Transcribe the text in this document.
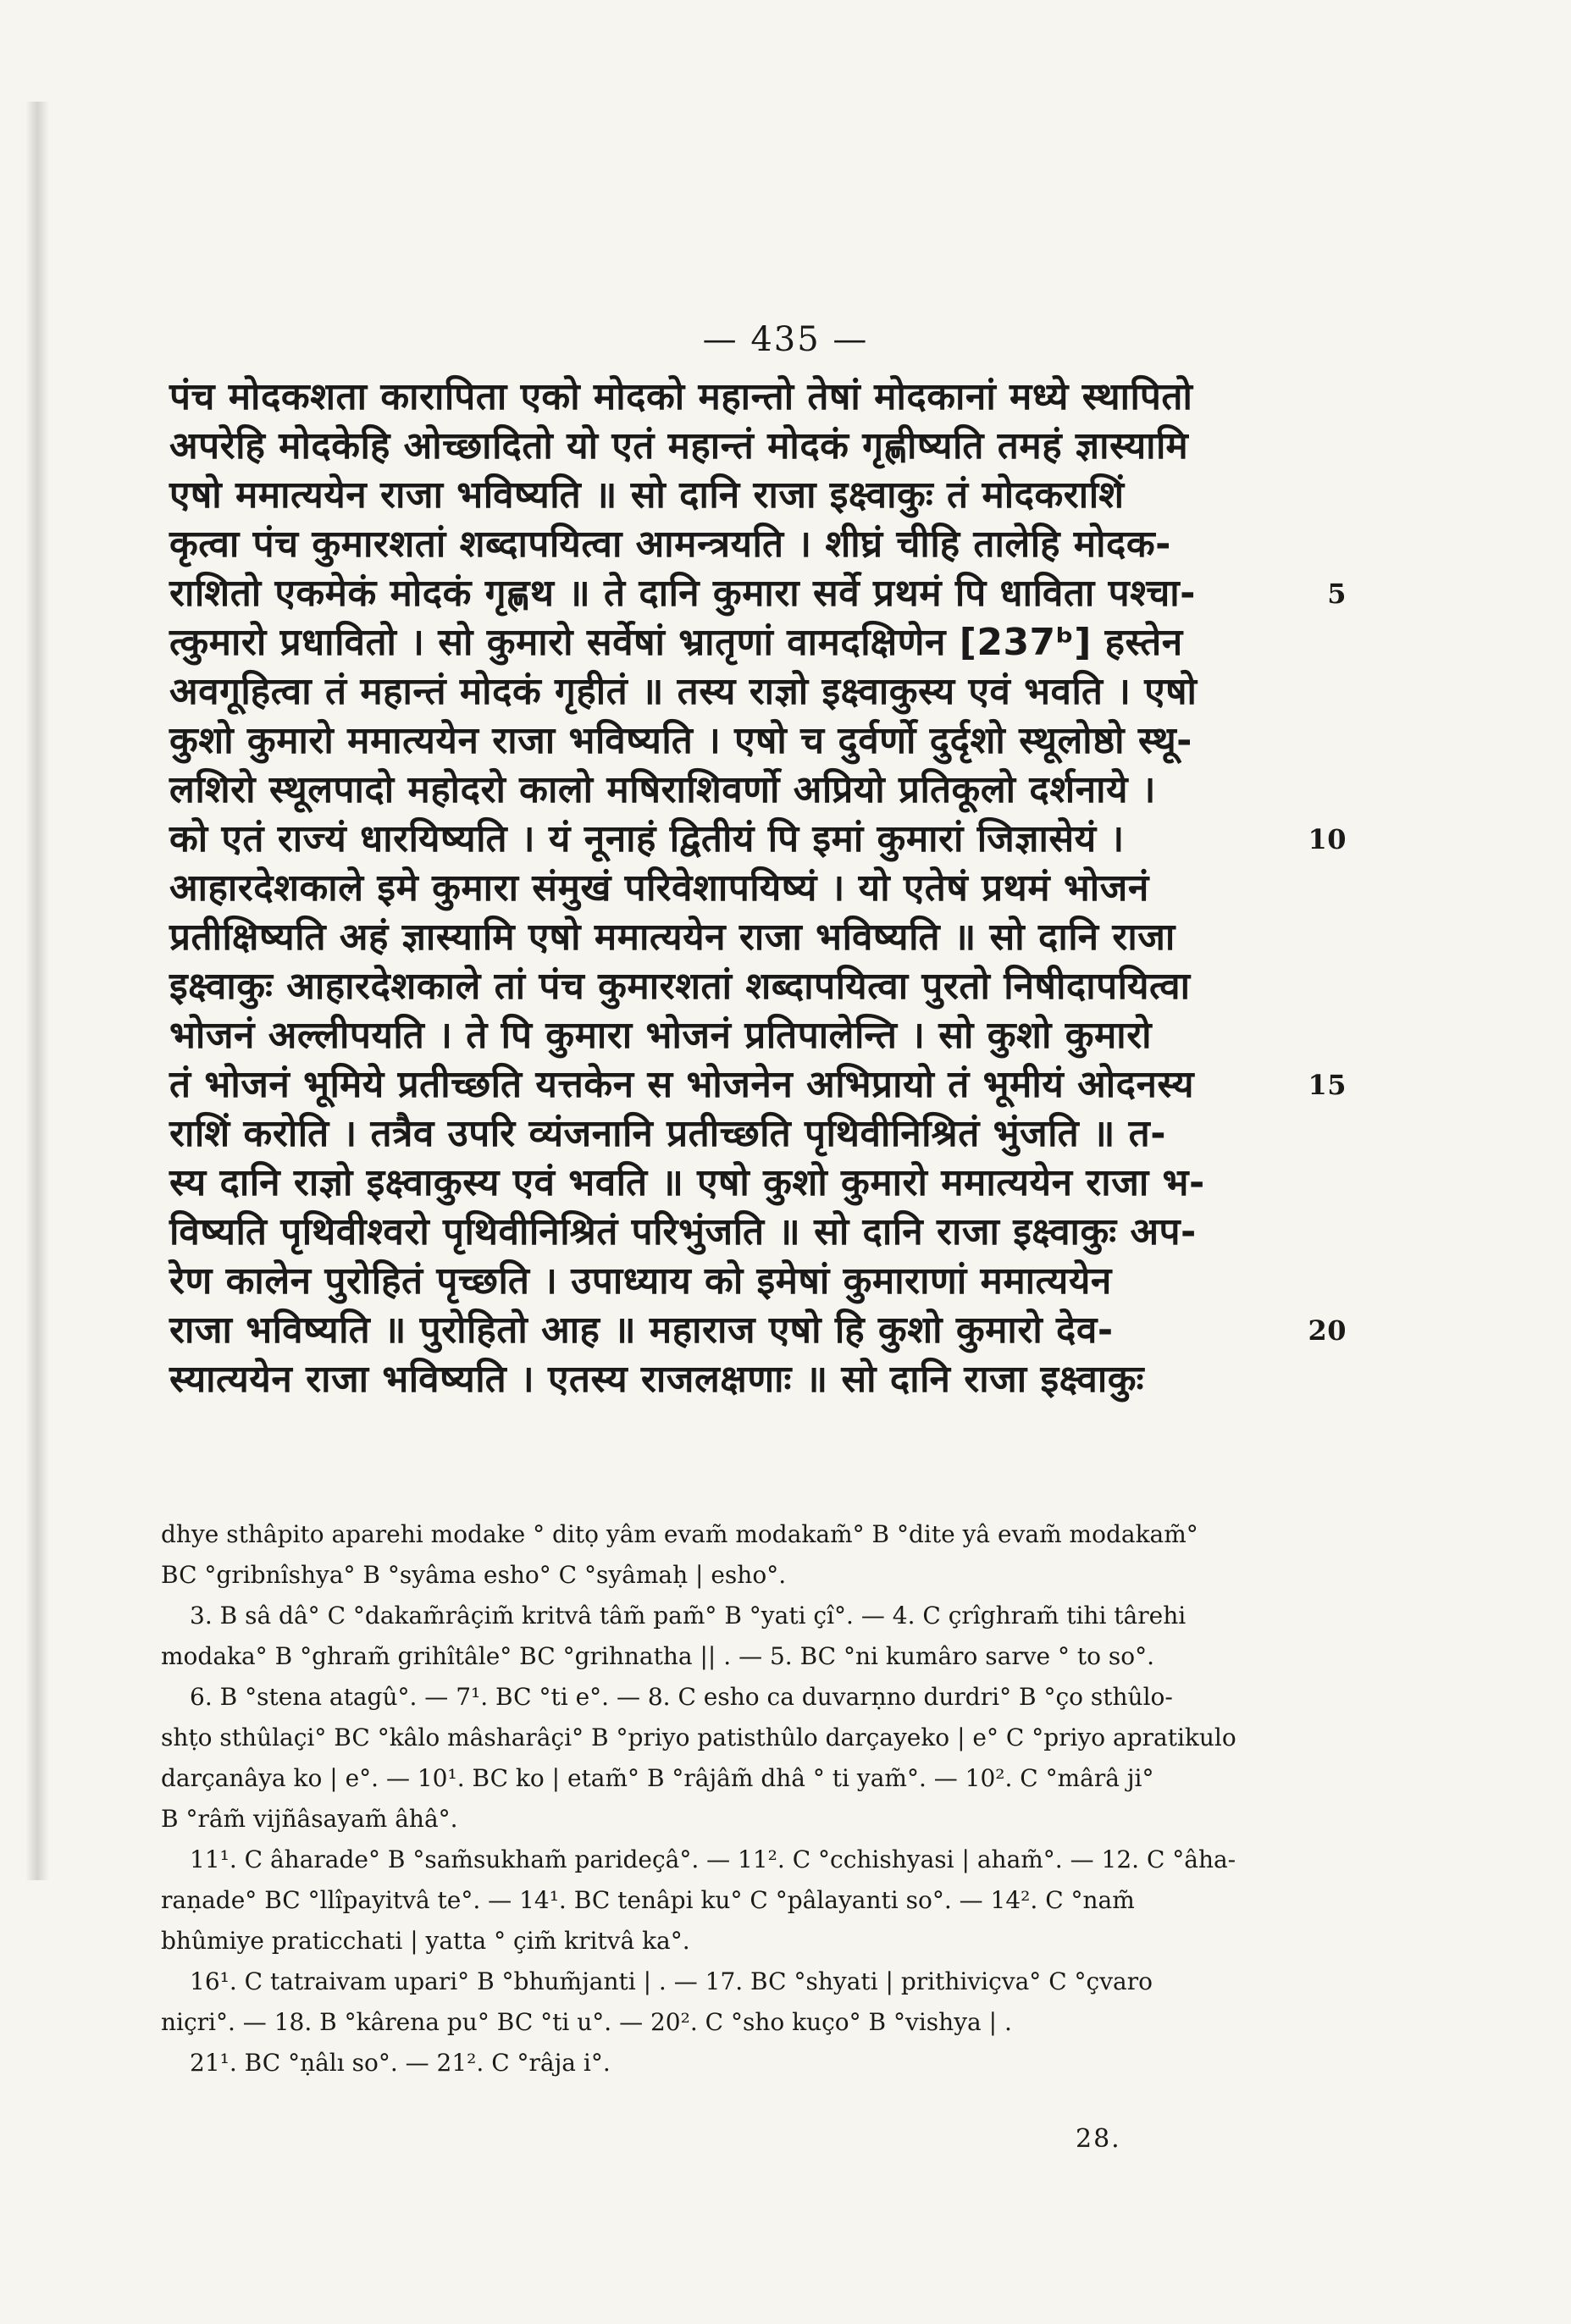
— 435 —
पंच मोदकशता कारापिता एको मोदको महान्तो तेषां मोदकानां मध्ये स्थापितो
अपरेहि मोदकेहि ओच्छादितो यो एतं महान्तं मोदकं गृह्णीष्यति तमहं ज्ञास्यामि
एषो ममात्ययेन राजा भविष्यति ॥ सो दानि राजा इक्ष्वाकुः तं मोदकराशिं
कृत्वा पंच कुमारशतां शब्दापयित्वा आमन्त्रयति । शीघ्रं चीहि तालेहि मोदक-
राशितो एकमेकं मोदकं गृह्णथ ॥ ते दानि कुमारा सर्वे प्रथमं पि धाविता पश्चा-	5
त्कुमारो प्रधावितो । सो कुमारो सर्वेषां भ्रातृणां वामदक्षिणेन [237ᵇ] हस्तेन
अवगूहित्वा तं महान्तं मोदकं गृहीतं ॥ तस्य राज्ञो इक्ष्वाकुस्य एवं भवति । एषो
कुशो कुमारो ममात्ययेन राजा भविष्यति । एषो च दुर्वर्णो दुर्दृशो स्थूलोष्ठो स्थू-
लशिरो स्थूलपादो महोदरो कालो मषिराशिवर्णो अप्रियो प्रतिकूलो दर्शनाये ।
को एतं राज्यं धारयिष्यति । यं नूनाहं द्वितीयं पि इमां कुमारां जिज्ञासेयं ।	10
आहारदेशकाले इमे कुमारा संमुखं परिवेशापयिष्यं । यो एतेषं प्रथमं भोजनं
प्रतीक्षिष्यति अहं ज्ञास्यामि एषो ममात्ययेन राजा भविष्यति ॥ सो दानि राजा
इक्ष्वाकुः आहारदेशकाले तां पंच कुमारशतां शब्दापयित्वा पुरतो निषीदापयित्वा
भोजनं अल्लीपयति । ते पि कुमारा भोजनं प्रतिपालेन्ति । सो कुशो कुमारो
तं भोजनं भूमिये प्रतीच्छति यत्तकेन स भोजनेन अभिप्रायो तं भूमीयं ओदनस्य	15
राशिं करोति । तत्रैव उपरि व्यंजनानि प्रतीच्छति पृथिवीनिश्रितं भुंजति ॥ त-
स्य दानि राज्ञो इक्ष्वाकुस्य एवं भवति ॥ एषो कुशो कुमारो ममात्ययेन राजा भ-
विष्यति पृथिवीश्वरो पृथिवीनिश्रितं परिभुंजति ॥ सो दानि राजा इक्ष्वाकुः अप-
रेण कालेन पुरोहितं पृच्छति । उपाध्याय को इमेषां कुमाराणां ममात्ययेन
राजा भविष्यति ॥ पुरोहितो आह ॥ महाराज एषो हि कुशो कुमारो देव-	20
स्यात्ययेन राजा भविष्यति । एतस्य राजलक्षणाः ॥ सो दानि राजा इक्ष्वाकुः
dhye sthâpito aparehi modake ° ditọ yâm evam̃ modakam̃° B °dite yâ evam̃ modakam̃°
BC °gribnîshya° B °syâma esho° C °syâmaḥ | esho°.
3. B sâ dâ° C °dakam̃râçim̃ kritvâ tâm̃ pam̃° B °yati çî°. — 4. C çrîghram̃ tihi târehi
modaka° B °ghram̃ grihîtâle° BC °grihnatha || . — 5. BC °ni kumâro sarve ° to so°.
6. B °stena atagû°. — 7¹. BC °ti e°. — 8. C esho ca duvarṇno durdri° B °ço sthûlo-
shṭo sthûlaçi° BC °kâlo mâsharâçi° B °priyo patisthûlo darçayeko | e° C °priyo apratikulo
darçanâya ko | e°. — 10¹. BC ko | etam̃° B °râjâm̃ dhâ ° ti yam̃°. — 10². C °mârâ ji°
B °râm̃ vijñâsayam̃ âhâ°.
11¹. C âharade° B °sam̃sukham̃ parideçâ°. — 11². C °cchishyasi | aham̃°. — 12. C °âha-
raṇade° BC °llîpayitvâ te°. — 14¹. BC tenâpi ku° C °pâlayanti so°. — 14². C °nam̃
bhûmiye praticchati | yatta ° çim̃ kritvâ ka°.
16¹. C tatraivam upari° B °bhum̃janti | . — 17. BC °shyati | prithiviçva° C °çvaro
niçri°. — 18. B °kârena pu° BC °ti u°. — 20². C °sho kuço° B °vishya | .
21¹. BC °ṇâlı so°. — 21². C °râja i°.
28.
